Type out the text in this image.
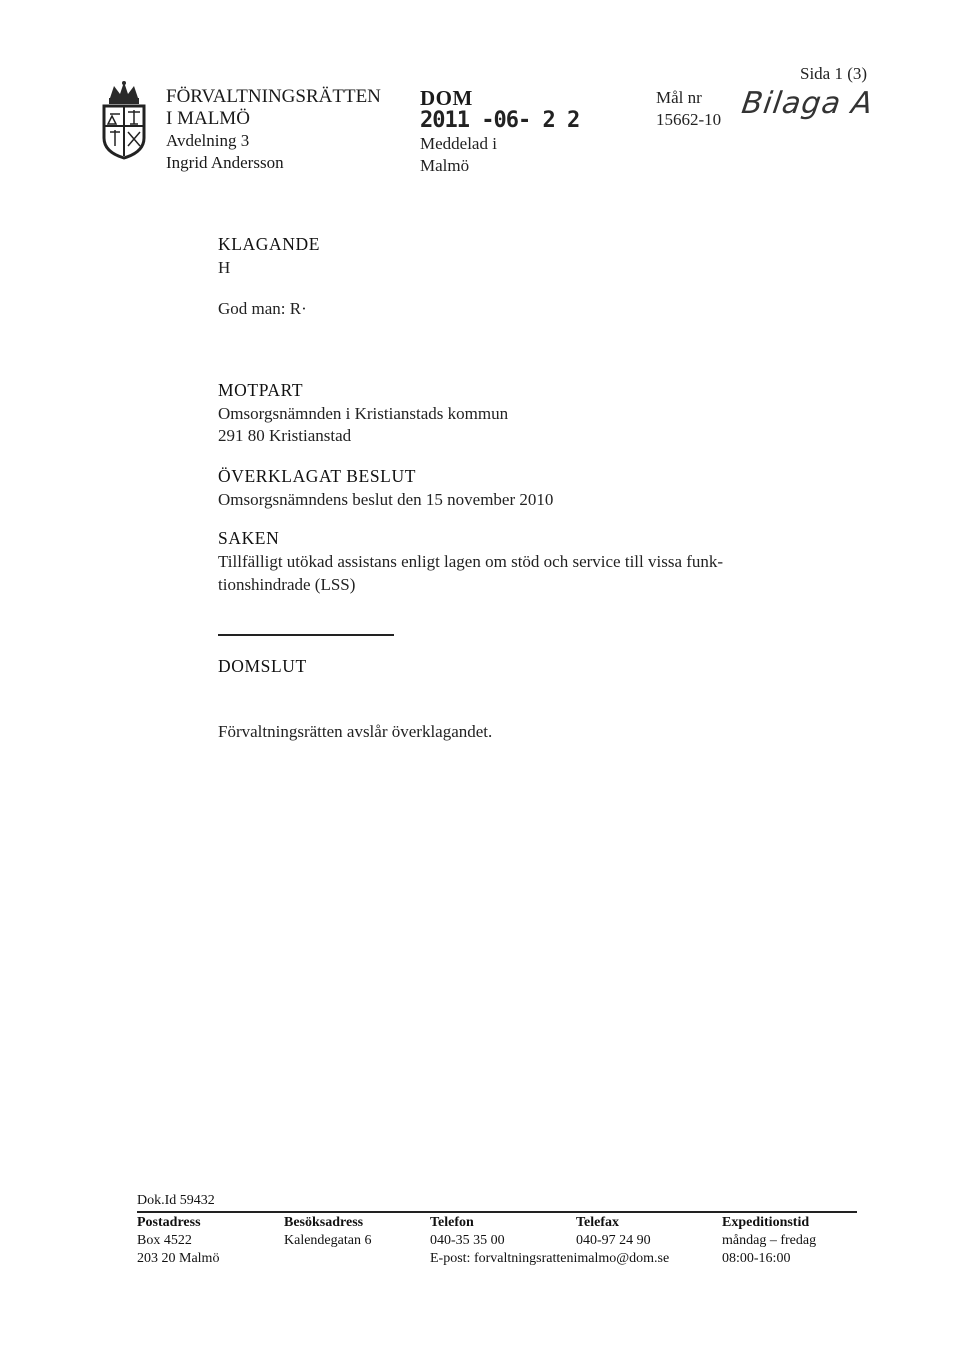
FÖRVALTNINGSRÄTTEN
I MALMÖ
Avdelning 3
Ingrid Andersson
DOM
2011 -06- 2 2
Meddelad i
Malmö
Mål nr
15662-10
Sida 1 (3)
Bilaga A
KLAGANDE
H
God man: R·
MOTPART
Omsorgsnämnden i Kristianstads kommun
291 80 Kristianstad
ÖVERKLAGAT BESLUT
Omsorgsnämndens beslut den 15 november 2010
SAKEN
Tillfälligt utökad assistans enligt lagen om stöd och service till vissa funk-
tionshindrade (LSS)
DOMSLUT
Förvaltningsrätten avslår överklagandet.
Dok.Id 59432
Postadress
Box 4522
203 20 Malmö
Besöksadress
Kalendegatan 6
Telefon
040-35 35 00
E-post: forvaltningsrattenimalmo@dom.se
Telefax
040-97 24 90
Expeditionstid
måndag – fredag
08:00-16:00
